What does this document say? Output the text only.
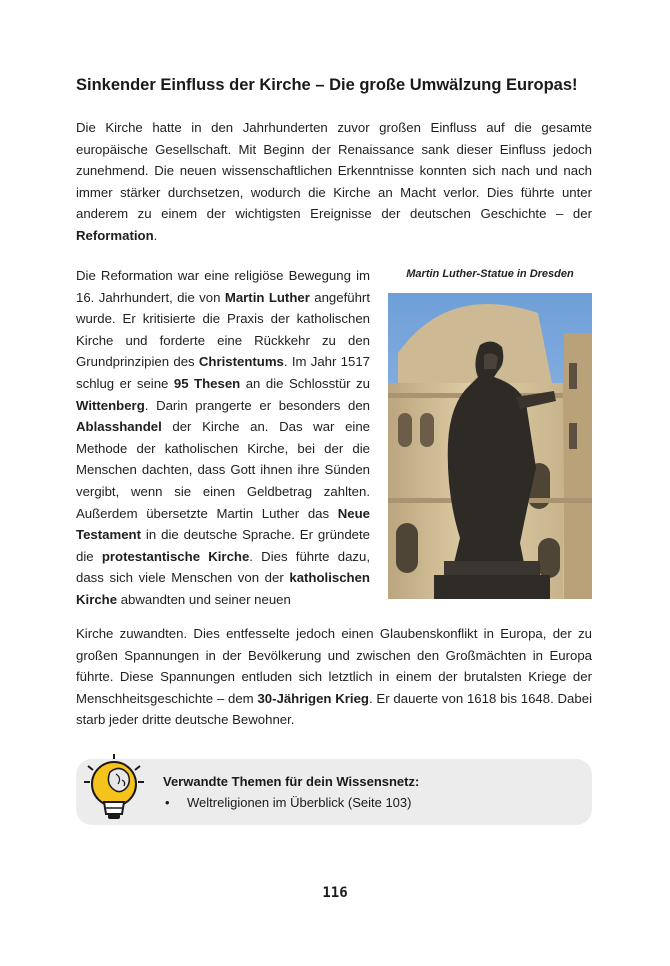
Sinkender Einfluss der Kirche – Die große Umwälzung Europas!

Die Kirche hatte in den Jahrhunderten zuvor großen Einfluss auf die gesamte europäische Gesellschaft. Mit Beginn der Renaissance sank dieser Einfluss jedoch zunehmend. Die neuen wissenschaftlichen Erkenntnisse konnten sich nach und nach immer stärker durchsetzen, wodurch die Kirche an Macht verlor. Dies führte unter anderem zu einem der wichtigsten Ereignisse der deutschen Geschichte – der Reformation.

Die Reformation war eine religiöse Bewegung im 16. Jahrhundert, die von Martin Luther angeführt wurde. Er kritisierte die Praxis der katholischen Kirche und forderte eine Rückkehr zu den Grundprinzipien des Christentums. Im Jahr 1517 schlug er seine 95 Thesen an die Schlosstür zu Wittenberg. Darin prangerte er besonders den Ablasshandel der Kirche an. Das war eine Methode der katholischen Kirche, bei der die Menschen dachten, dass Gott ihnen ihre Sünden vergibt, wenn sie einen Geldbetrag zahlten. Außerdem übersetzte Martin Luther das Neue Testament in die deutsche Sprache. Er gründete die protestantische Kirche. Dies führte dazu, dass sich viele Menschen von der katholischen Kirche abwandten und seiner neuen

Martin Luther-Statue in Dresden

Kirche zuwandten. Dies entfesselte jedoch einen Glaubenskonflikt in Europa, der zu großen Spannungen in der Bevölkerung und zwischen den Großmächten in Europa führte. Diese Spannungen entluden sich letztlich in einem der brutalsten Kriege der Menschheitsgeschichte – dem 30-Jährigen Krieg. Er dauerte von 1618 bis 1648. Dabei starb jeder dritte deutsche Bewohner.

Verwandte Themen für dein Wissensnetz:
• Weltreligionen im Überblick (Seite 103)
116
